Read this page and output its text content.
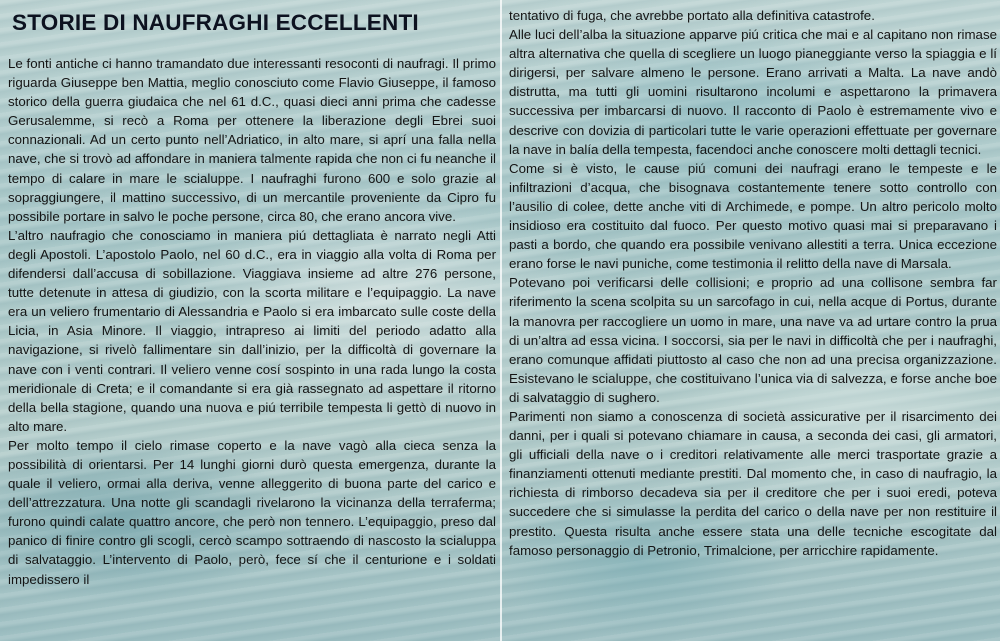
STORIE DI NAUFRAGHI ECCELLENTI

Le fonti antiche ci hanno tramandato due interessanti resoconti di naufragi. Il primo riguarda Giuseppe ben Mattia, meglio conosciuto come Flavio Giuseppe, il famoso storico della guerra giudaica che nel 61 d.C., quasi dieci anni prima che cadesse Gerusalemme, si recò a Roma per ottenere la liberazione degli Ebrei suoi connazionali. Ad un certo punto nell’Adriatico, in alto mare, si aprí una falla nella nave, che si trovò ad affondare in maniera talmente rapida che non ci fu neanche il tempo di calare in mare le scialuppe. I naufraghi furono 600 e solo grazie al sopraggiungere, il mattino successivo, di un mercantile proveniente da Cipro fu possibile portare in salvo le poche persone, circa 80, che erano ancora vive.

L’altro naufragio che conosciamo in maniera piú dettagliata è narrato negli Atti degli Apostoli. L’apostolo Paolo, nel 60 d.C., era in viaggio alla volta di Roma per difendersi dall’accusa di sobillazione. Viaggiava insieme ad altre 276 persone, tutte detenute in attesa di giudizio, con la scorta militare e l’equipaggio. La nave era un veliero frumentario di Alessandria e Paolo si era imbarcato sulle coste della Licia, in Asia Minore. Il viaggio, intrapreso ai limiti del periodo adatto alla navigazione, si rivelò fallimentare sin dall’inizio, per la difficoltà di governare la nave con i venti contrari. Il veliero venne cosí sospinto in una rada lungo la costa meridionale di Creta; e il comandante si era già rassegnato ad aspettare il ritorno della bella stagione, quando una nuova e piú terribile tempesta li gettò di nuovo in alto mare.

Per molto tempo il cielo rimase coperto e la nave vagò alla cieca senza la possibilità di orientarsi. Per 14 lunghi giorni durò questa emergenza, durante la quale il veliero, ormai alla deriva, venne alleggerito di buona parte del carico e dell’attrezzatura. Una notte gli scandagli rivelarono la vicinanza della terraferma; furono quindi calate quattro ancore, che però non tennero. L’equipaggio, preso dal panico di finire contro gli scogli, cercò scampo sottraendo di nascosto la scialuppa di salvataggio. L’intervento di Paolo, però, fece sí che il centurione e i soldati impedissero il

tentativo di fuga, che avrebbe portato alla definitiva catastrofe.

Alle luci dell’alba la situazione apparve piú critica che mai e al capitano non rimase altra alternativa che quella di scegliere un luogo pianeggiante verso la spiaggia e lí dirigersi, per salvare almeno le persone. Erano arrivati a Malta. La nave andò distrutta, ma tutti gli uomini risultarono incolumi e aspettarono la primavera successiva per imbarcarsi di nuovo. Il racconto di Paolo è estremamente vivo e descrive con dovizia di particolari tutte le varie operazioni effettuate per governare la nave in balía della tempesta, facendoci anche conoscere molti dettagli tecnici.

Come si è visto, le cause piú comuni dei naufragi erano le tempeste e le infiltrazioni d’acqua, che bisognava costantemente tenere sotto controllo con l’ausilio di colee, dette anche viti di Archimede, e pompe. Un altro pericolo molto insidioso era costituito dal fuoco. Per questo motivo quasi mai si preparavano i pasti a bordo, che quando era possibile venivano allestiti a terra. Unica eccezione erano forse le navi puniche, come testimonia il relitto della nave di Marsala.

Potevano poi verificarsi delle collisioni; e proprio ad una collisone sembra far riferimento la scena scolpita su un sarcofago in cui, nella acque di Portus, durante la manovra per raccogliere un uomo in mare, una nave va ad urtare contro la prua di un’altra ad essa vicina. I soccorsi, sia per le navi in difficoltà che per i naufraghi, erano comunque affidati piuttosto al caso che non ad una precisa organizzazione. Esistevano le scialuppe, che costituivano l’unica via di salvezza, e forse anche boe di salvataggio di sughero.

Parimenti non siamo a conoscenza di società assicurative per il risarcimento dei danni, per i quali si potevano chiamare in causa, a seconda dei casi, gli armatori, gli ufficiali della nave o i creditori relativamente alle merci trasportate grazie a finanziamenti ottenuti mediante prestiti. Dal momento che, in caso di naufragio, la richiesta di rimborso decadeva sia per il creditore che per i suoi eredi, poteva succedere che si simulasse la perdita del carico o della nave per non restituire il prestito. Questa risulta anche essere stata una delle tecniche escogitate dal famoso personaggio di Petronio, Trimalcione, per arricchire rapidamente.
